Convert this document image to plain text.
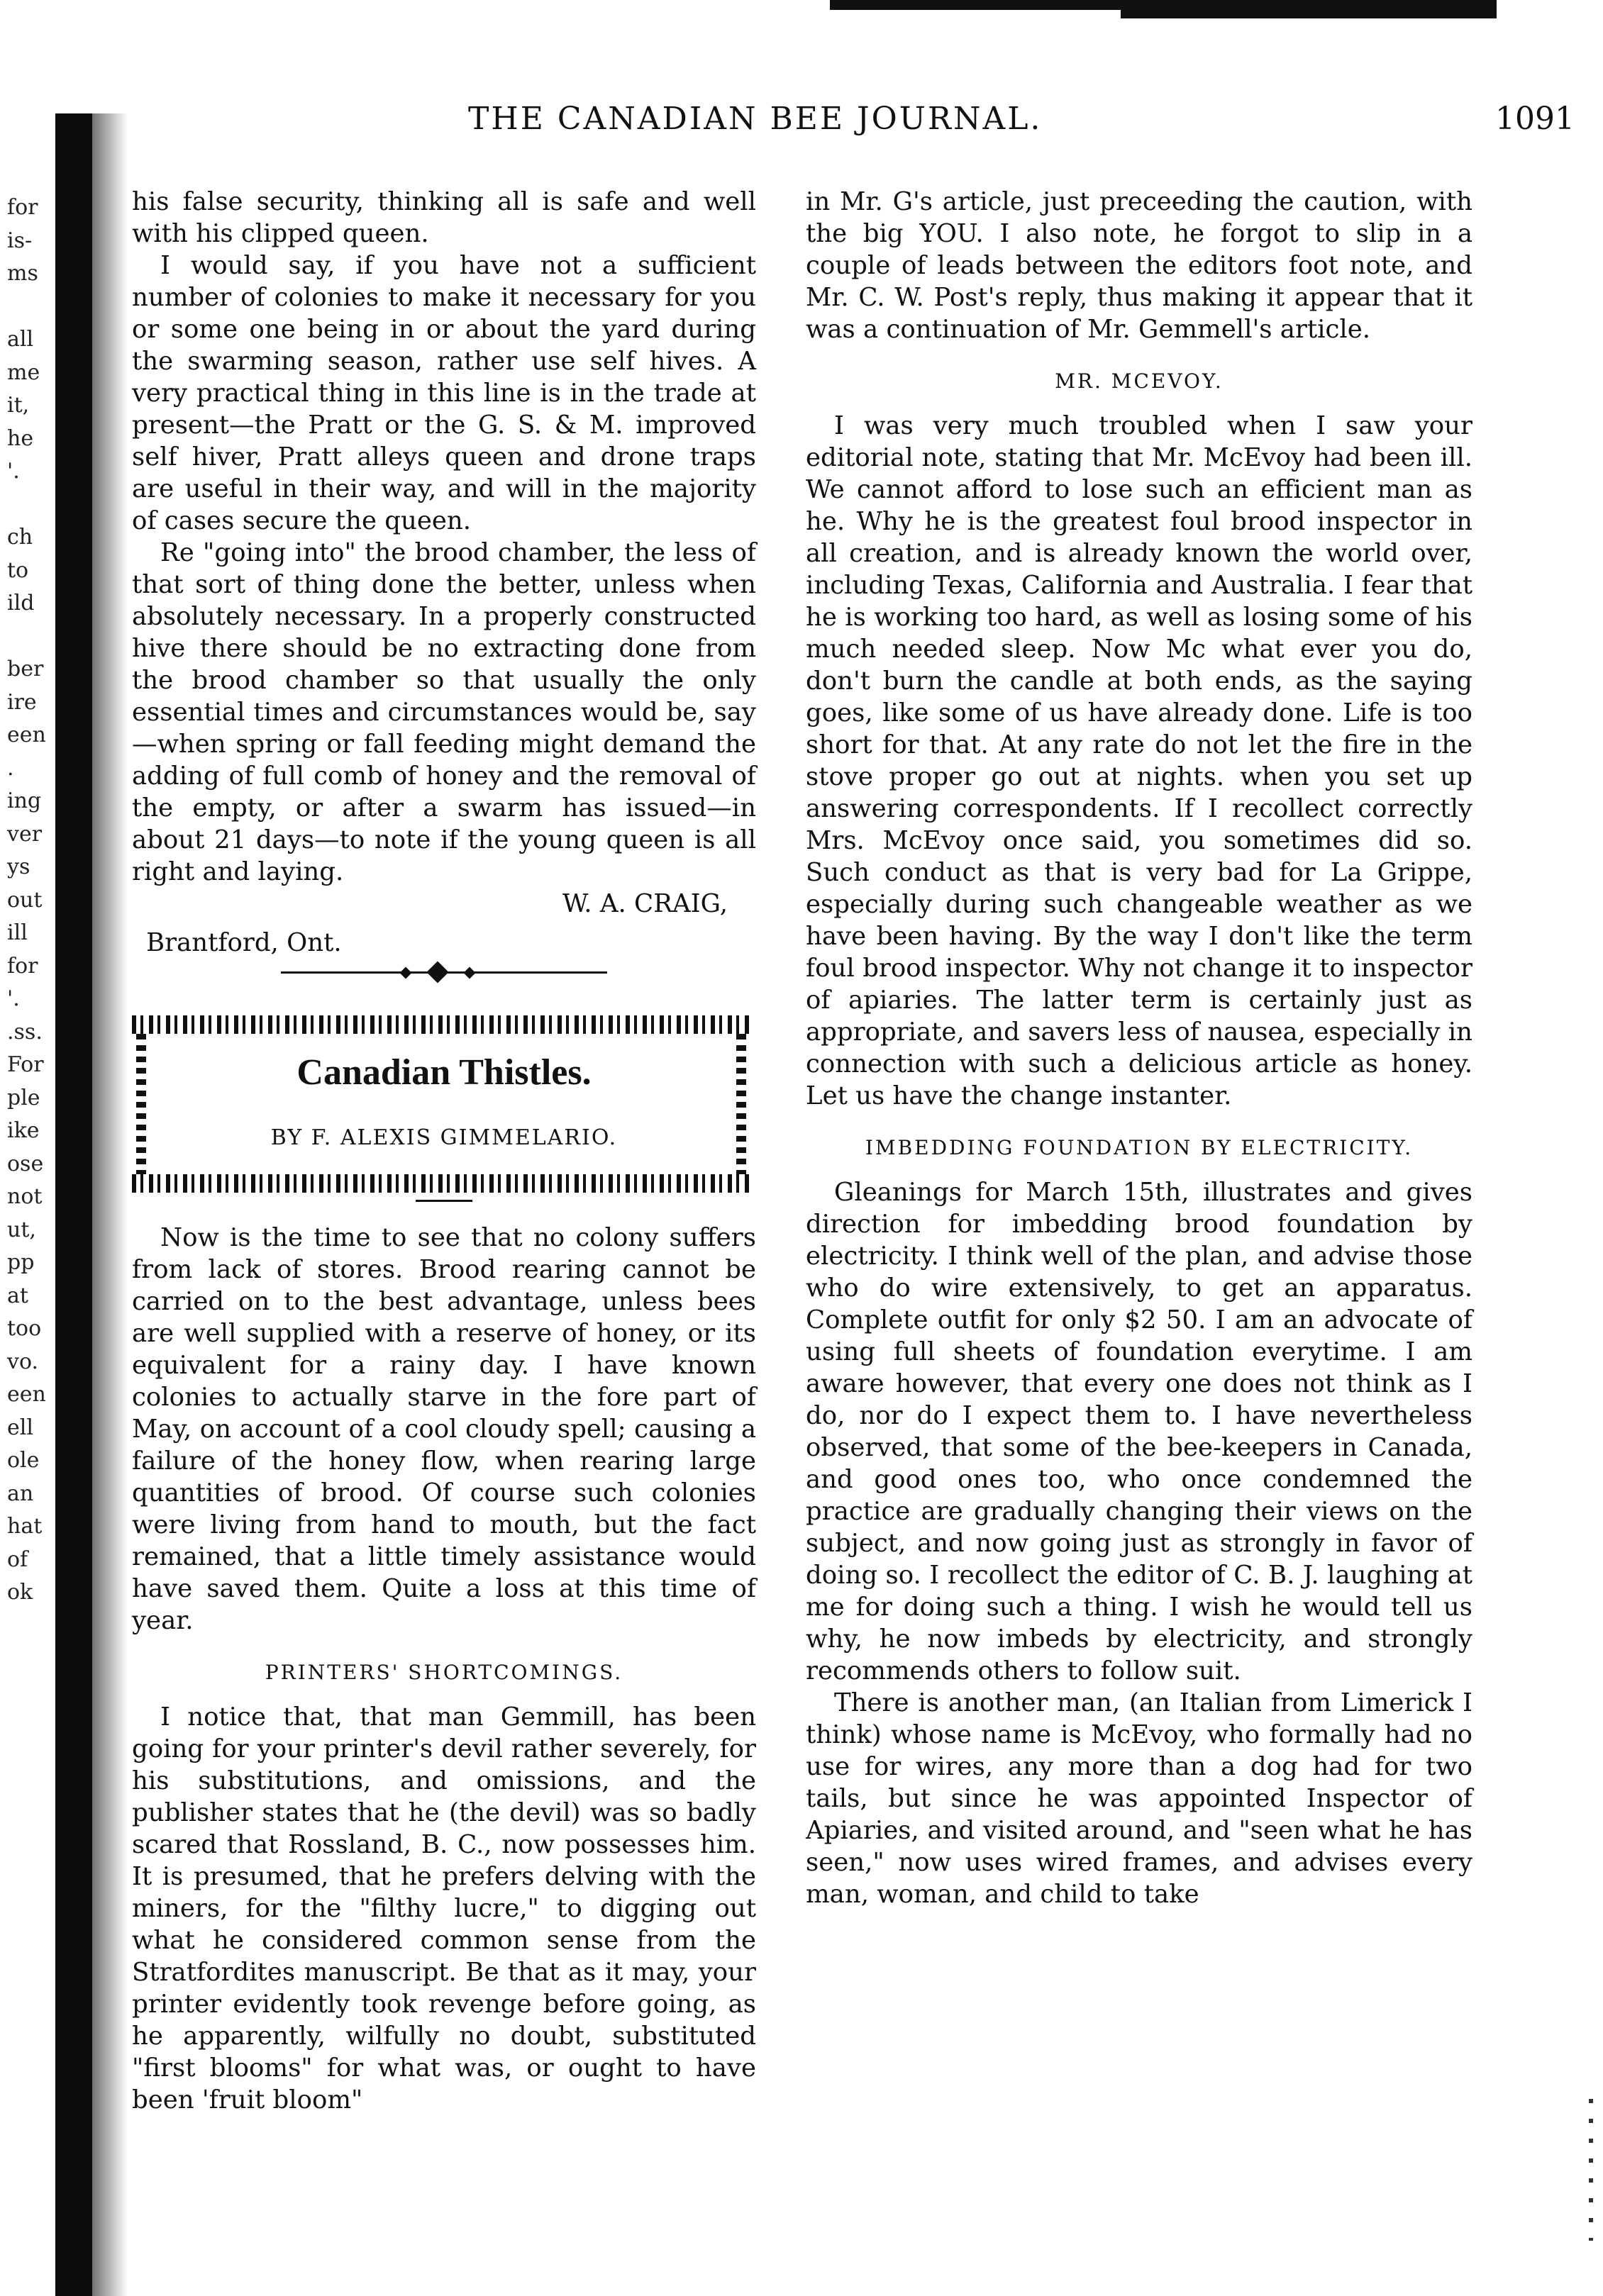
for
is-
ms

all
me
it,
he
'.

ch
to
ild

ber
ire
een
.
ing
ver
ys
out
ill
for
'.
.ss.
For
ple
ike
ose
not
ut,
pp
at
too
vo.
een
ell
ole
an
hat
of
ok
THE CANADIAN BEE JOURNAL.	1091

his false security, thinking all is safe and well with his clipped queen.

I would say, if you have not a sufficient number of colonies to make it necessary for you or some one being in or about the yard during the swarming season, rather use self hives. A very practical thing in this line is in the trade at present—the Pratt or the G. S. & M. improved self hiver, Pratt alleys queen and drone traps are useful in their way, and will in the majority of cases secure the queen.

Re "going into" the brood chamber, the less of that sort of thing done the better, unless when absolutely necessary. In a properly constructed hive there should be no extracting done from the brood chamber so that usually the only essential times and circumstances would be, say—when spring or fall feeding might demand the adding of full comb of honey and the removal of the empty, or after a swarm has issued—in about 21 days—to note if the young queen is all right and laying.

W. A. CRAIG,

Brantford, Ont.

Canadian Thistles.
BY F. ALEXIS GIMMELARIO.

Now is the time to see that no colony suffers from lack of stores. Brood rearing cannot be carried on to the best advantage, unless bees are well supplied with a reserve of honey, or its equivalent for a rainy day. I have known colonies to actually starve in the fore part of May, on account of a cool cloudy spell; causing a failure of the honey flow, when rearing large quantities of brood. Of course such colonies were living from hand to mouth, but the fact remained, that a little timely assistance would have saved them. Quite a loss at this time of year.

PRINTERS' SHORTCOMINGS.

I notice that, that man Gemmill, has been going for your printer's devil rather severely, for his substitutions, and omissions, and the publisher states that he (the devil) was so badly scared that Rossland, B. C., now possesses him. It is presumed, that he prefers delving with the miners, for the "filthy lucre," to digging out what he considered common sense from the Stratfordites manuscript. Be that as it may, your printer evidently took revenge before going, as he apparently, wilfully no doubt, substituted "first blooms" for what was, or ought to have been 'fruit bloom"

in Mr. G's article, just preceeding the caution, with the big YOU. I also note, he forgot to slip in a couple of leads between the editors foot note, and Mr. C. W. Post's reply, thus making it appear that it was a continuation of Mr. Gemmell's article.

MR. MCEVOY.

I was very much troubled when I saw your editorial note, stating that Mr. McEvoy had been ill. We cannot afford to lose such an efficient man as he. Why he is the greatest foul brood inspector in all creation, and is already known the world over, including Texas, California and Australia. I fear that he is working too hard, as well as losing some of his much needed sleep. Now Mc what ever you do, don't burn the candle at both ends, as the saying goes, like some of us have already done. Life is too short for that. At any rate do not let the fire in the stove proper go out at nights. when you set up answering correspondents. If I recollect correctly Mrs. McEvoy once said, you sometimes did so. Such conduct as that is very bad for La Grippe, especially during such changeable weather as we have been having. By the way I don't like the term foul brood inspector. Why not change it to inspector of apiaries. The latter term is certainly just as appropriate, and savers less of nausea, especially in connection with such a delicious article as honey. Let us have the change instanter.

IMBEDDING FOUNDATION BY ELECTRICITY.

Gleanings for March 15th, illustrates and gives direction for imbedding brood foundation by electricity. I think well of the plan, and advise those who do wire extensively, to get an apparatus. Complete outfit for only $2 50. I am an advocate of using full sheets of foundation everytime. I am aware however, that every one does not think as I do, nor do I expect them to. I have nevertheless observed, that some of the bee-keepers in Canada, and good ones too, who once condemned the practice are gradually changing their views on the subject, and now going just as strongly in favor of doing so. I recollect the editor of C. B. J. laughing at me for doing such a thing. I wish he would tell us why, he now imbeds by electricity, and strongly recommends others to follow suit.

There is another man, (an Italian from Limerick I think) whose name is McEvoy, who formally had no use for wires, any more than a dog had for two tails, but since he was appointed Inspector of Apiaries, and visited around, and "seen what he has seen," now uses wired frames, and advises every man, woman, and child to take
